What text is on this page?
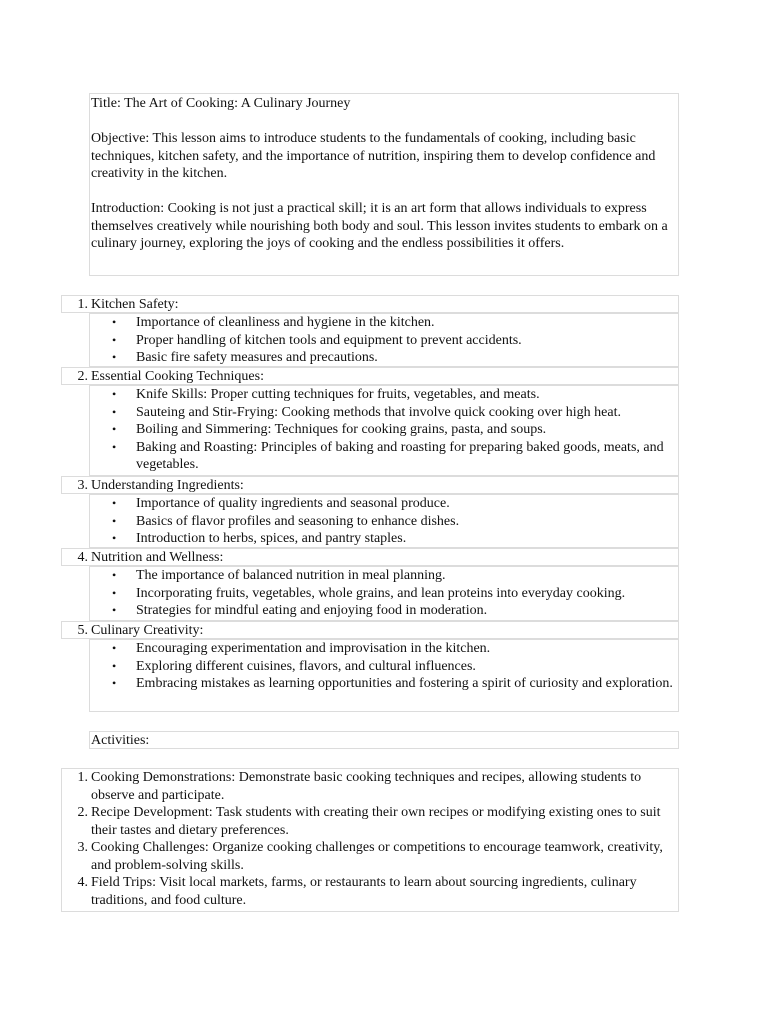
Title: The Art of Cooking: A Culinary Journey

Objective: This lesson aims to introduce students to the fundamentals of cooking, including basic techniques, kitchen safety, and the importance of nutrition, inspiring them to develop confidence and creativity in the kitchen.

Introduction: Cooking is not just a practical skill; it is an art form that allows individuals to express themselves creatively while nourishing both body and soul. This lesson invites students to embark on a culinary journey, exploring the joys of cooking and the endless possibilities it offers.

1. Kitchen Safety:
• Importance of cleanliness and hygiene in the kitchen.
• Proper handling of kitchen tools and equipment to prevent accidents.
• Basic fire safety measures and precautions.
2. Essential Cooking Techniques:
• Knife Skills: Proper cutting techniques for fruits, vegetables, and meats.
• Sauteing and Stir-Frying: Cooking methods that involve quick cooking over high heat.
• Boiling and Simmering: Techniques for cooking grains, pasta, and soups.
• Baking and Roasting: Principles of baking and roasting for preparing baked goods, meats, and vegetables.
3. Understanding Ingredients:
• Importance of quality ingredients and seasonal produce.
• Basics of flavor profiles and seasoning to enhance dishes.
• Introduction to herbs, spices, and pantry staples.
4. Nutrition and Wellness:
• The importance of balanced nutrition in meal planning.
• Incorporating fruits, vegetables, whole grains, and lean proteins into everyday cooking.
• Strategies for mindful eating and enjoying food in moderation.
5. Culinary Creativity:
• Encouraging experimentation and improvisation in the kitchen.
• Exploring different cuisines, flavors, and cultural influences.
• Embracing mistakes as learning opportunities and fostering a spirit of curiosity and exploration.
Activities:
1. Cooking Demonstrations: Demonstrate basic cooking techniques and recipes, allowing students to observe and participate.
2. Recipe Development: Task students with creating their own recipes or modifying existing ones to suit their tastes and dietary preferences.
3. Cooking Challenges: Organize cooking challenges or competitions to encourage teamwork, creativity, and problem-solving skills.
4. Field Trips: Visit local markets, farms, or restaurants to learn about sourcing ingredients, culinary traditions, and food culture.
